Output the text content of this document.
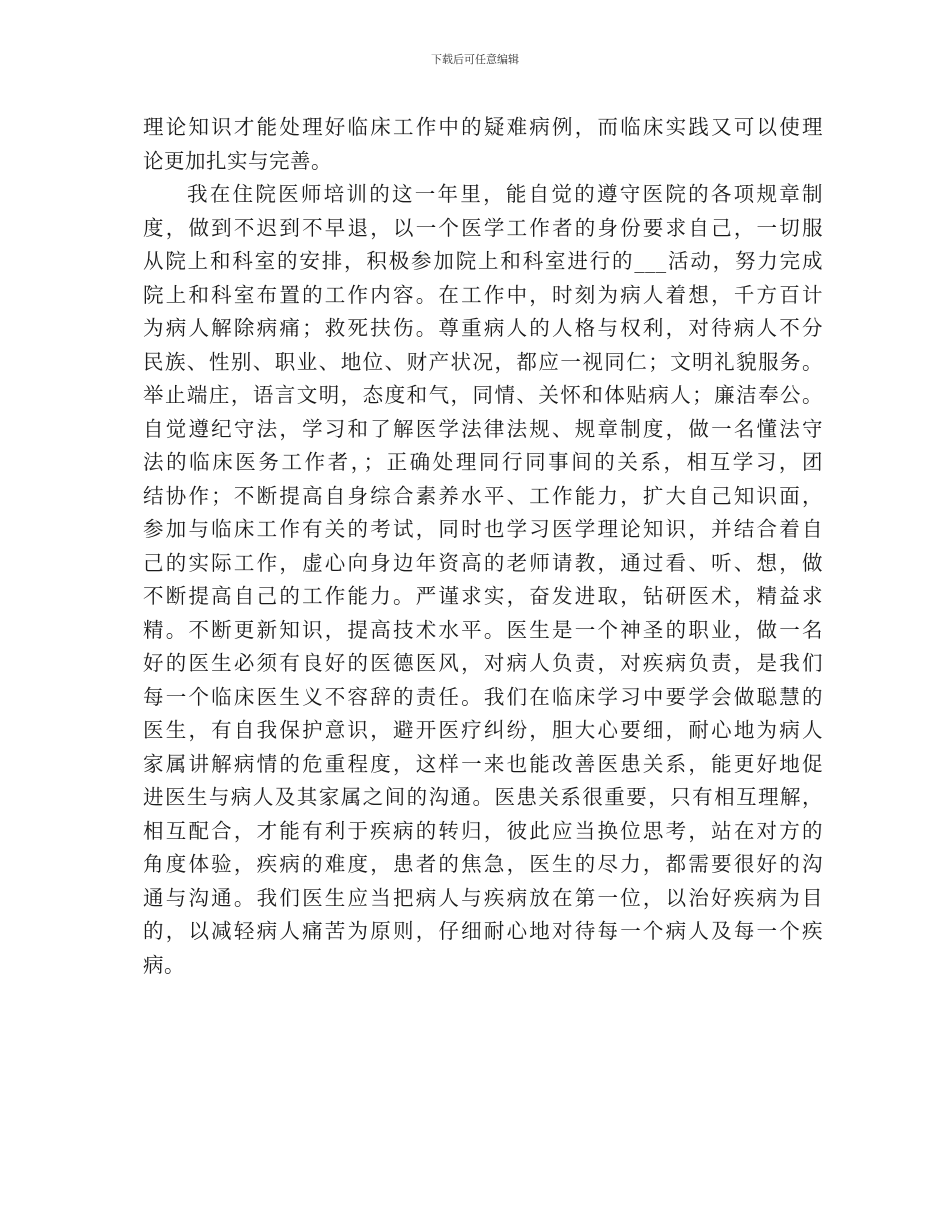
下载后可任意编辑
理论知识才能处理好临床工作中的疑难病例，而临床实践又可以使理
论更加扎实与完善。
我在住院医师培训的这一年里，能自觉的遵守医院的各项规章制
度，做到不迟到不早退，以一个医学工作者的身份要求自己，一切服
从院上和科室的安排，积极参加院上和科室进行的___活动，努力完成
院上和科室布置的工作内容。在工作中，时刻为病人着想，千方百计
为病人解除病痛；救死扶伤。尊重病人的人格与权利，对待病人不分
民族、性别、职业、地位、财产状况，都应一视同仁；文明礼貌服务。
举止端庄，语言文明，态度和气，同情、关怀和体贴病人；廉洁奉公。
自觉遵纪守法，学习和了解医学法律法规、规章制度，做一名懂法守
法的临床医务工作者，；正确处理同行同事间的关系，相互学习，团
结协作；不断提高自身综合素养水平、工作能力，扩大自己知识面，
参加与临床工作有关的考试，同时也学习医学理论知识，并结合着自
己的实际工作，虚心向身边年资高的老师请教，通过看、听、想，做
不断提高自己的工作能力。严谨求实，奋发进取，钻研医术，精益求
精。不断更新知识，提高技术水平。医生是一个神圣的职业，做一名
好的医生必须有良好的医德医风，对病人负责，对疾病负责，是我们
每一个临床医生义不容辞的责任。我们在临床学习中要学会做聪慧的
医生，有自我保护意识，避开医疗纠纷，胆大心要细，耐心地为病人
家属讲解病情的危重程度，这样一来也能改善医患关系，能更好地促
进医生与病人及其家属之间的沟通。医患关系很重要，只有相互理解，
相互配合，才能有利于疾病的转归，彼此应当换位思考，站在对方的
角度体验，疾病的难度，患者的焦急，医生的尽力，都需要很好的沟
通与沟通。我们医生应当把病人与疾病放在第一位，以治好疾病为目
的，以减轻病人痛苦为原则，仔细耐心地对待每一个病人及每一个疾
病。
